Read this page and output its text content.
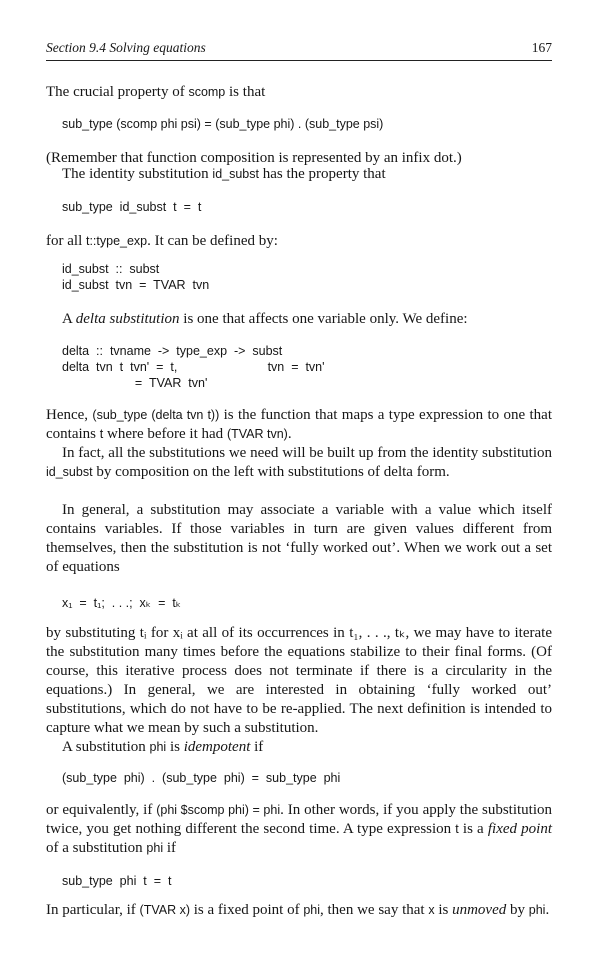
Section 9.4 Solving equations	167
The crucial property of scomp is that
sub_type (scomp phi psi) = (sub_type phi) . (sub_type psi)
(Remember that function composition is represented by an infix dot.)
The identity substitution id_subst has the property that
sub_type  id_subst  t  =  t
for all t::type_exp. It can be defined by:
id_subst  ::  subst
id_subst  tvn  =  TVAR  tvn
A delta substitution is one that affects one variable only. We define:
delta  ::  tvname  ->  type_exp  ->  subst
delta  tvn  t  tvn'  =  t,                          tvn  =  tvn'
=  TVAR  tvn'
Hence, (sub_type (delta tvn t)) is the function that maps a type expression to one that contains t where before it had (TVAR tvn).
In fact, all the substitutions we need will be built up from the identity substitution id_subst by composition on the left with substitutions of delta form.
In general, a substitution may associate a variable with a value which itself contains variables. If those variables in turn are given values different from themselves, then the substitution is not ‘fully worked out’. When we work out a set of equations
x₁  =  t₁;  . . .;  xₖ  =  tₖ
by substituting tᵢ for xᵢ at all of its occurrences in t₁, . . ., tₖ, we may have to iterate the substitution many times before the equations stabilize to their final forms. (Of course, this iterative process does not terminate if there is a circularity in the equations.) In general, we are interested in obtaining ‘fully worked out’ substitutions, which do not have to be re-applied. The next definition is intended to capture what we mean by such a substitution.
A substitution phi is idempotent if
(sub_type  phi)  .  (sub_type  phi)  =  sub_type  phi
or equivalently, if (phi $scomp phi) = phi. In other words, if you apply the substitution twice, you get nothing different the second time. A type expression t is a fixed point of a substitution phi if
sub_type  phi  t  =  t
In particular, if (TVAR x) is a fixed point of phi, then we say that x is unmoved by phi.
